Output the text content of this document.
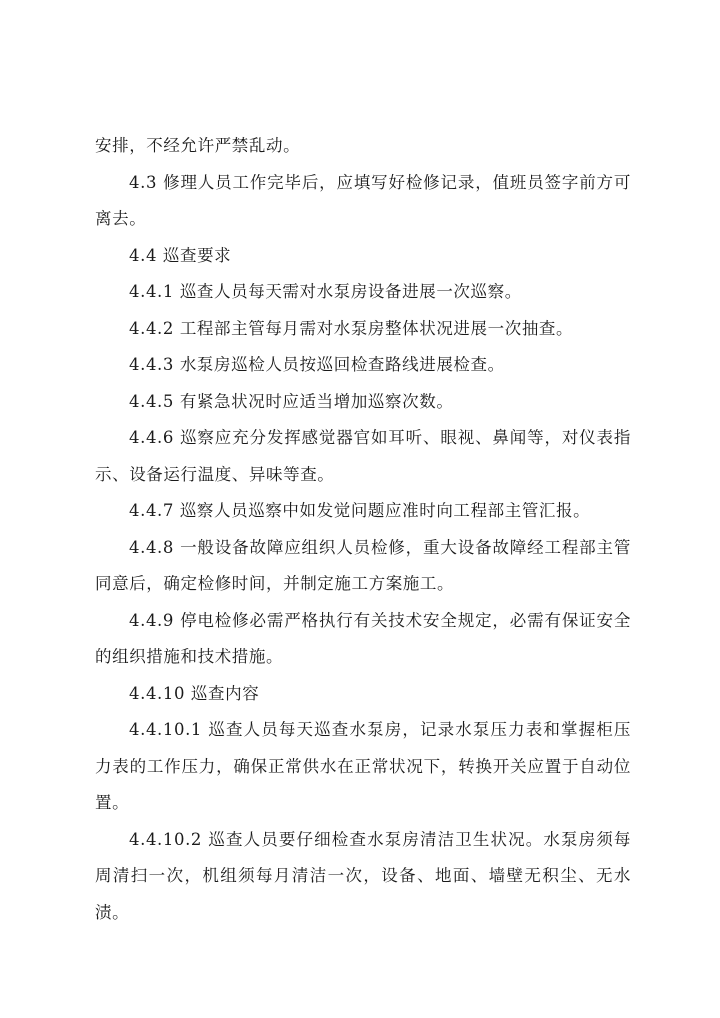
安排，不经允许严禁乱动。

4.3 修理人员工作完毕后，应填写好检修记录，值班员签字前方可离去。

4.4 巡查要求

4.4.1 巡查人员每天需对水泵房设备进展一次巡察。

4.4.2 工程部主管每月需对水泵房整体状况进展一次抽查。

4.4.3 水泵房巡检人员按巡回检查路线进展检查。

4.4.5 有紧急状况时应适当增加巡察次数。

4.4.6 巡察应充分发挥感觉器官如耳听、眼视、鼻闻等，对仪表指示、设备运行温度、异味等查。

4.4.7 巡察人员巡察中如发觉问题应准时向工程部主管汇报。

4.4.8 一般设备故障应组织人员检修，重大设备故障经工程部主管同意后，确定检修时间，并制定施工方案施工。

4.4.9 停电检修必需严格执行有关技术安全规定，必需有保证安全的组织措施和技术措施。

4.4.10 巡查内容

4.4.10.1 巡查人员每天巡查水泵房，记录水泵压力表和掌握柜压力表的工作压力，确保正常供水在正常状况下，转换开关应置于自动位置。

4.4.10.2 巡查人员要仔细检查水泵房清洁卫生状况。水泵房须每周清扫一次，机组须每月清洁一次，设备、地面、墙壁无积尘、无水渍。
